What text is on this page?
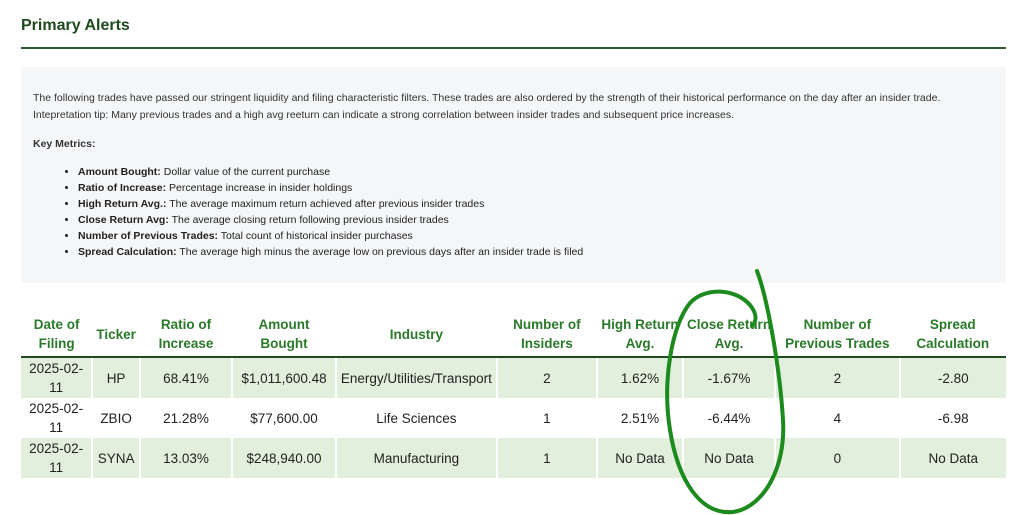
Primary Alerts
The following trades have passed our stringent liquidity and filing characteristic filters. These trades are also ordered by the strength of their historical performance on the day after an insider trade.
Intepretation tip: Many previous trades and a high avg reeturn can indicate a strong correlation between insider trades and subsequent price increases.
Key Metrics:
• Amount Bought: Dollar value of the current purchase
• Ratio of Increase: Percentage increase in insider holdings
• High Return Avg.: The average maximum return achieved after previous insider trades
• Close Return Avg: The average closing return following previous insider trades
• Number of Previous Trades: Total count of historical insider purchases
• Spread Calculation: The average high minus the average low on previous days after an insider trade is filed
Date of Filing	Ticker	Ratio of Increase	Amount Bought	Industry	Number of Insiders	High Return Avg.	Close Return Avg.	Number of Previous Trades	Spread Calculation
2025-02-11	HP	68.41%	$1,011,600.48	Energy/Utilities/Transport	2	1.62%	-1.67%	2	-2.80
2025-02-11	ZBIO	21.28%	$77,600.00	Life Sciences	1	2.51%	-6.44%	4	-6.98
2025-02-11	SYNA	13.03%	$248,940.00	Manufacturing	1	No Data	No Data	0	No Data
